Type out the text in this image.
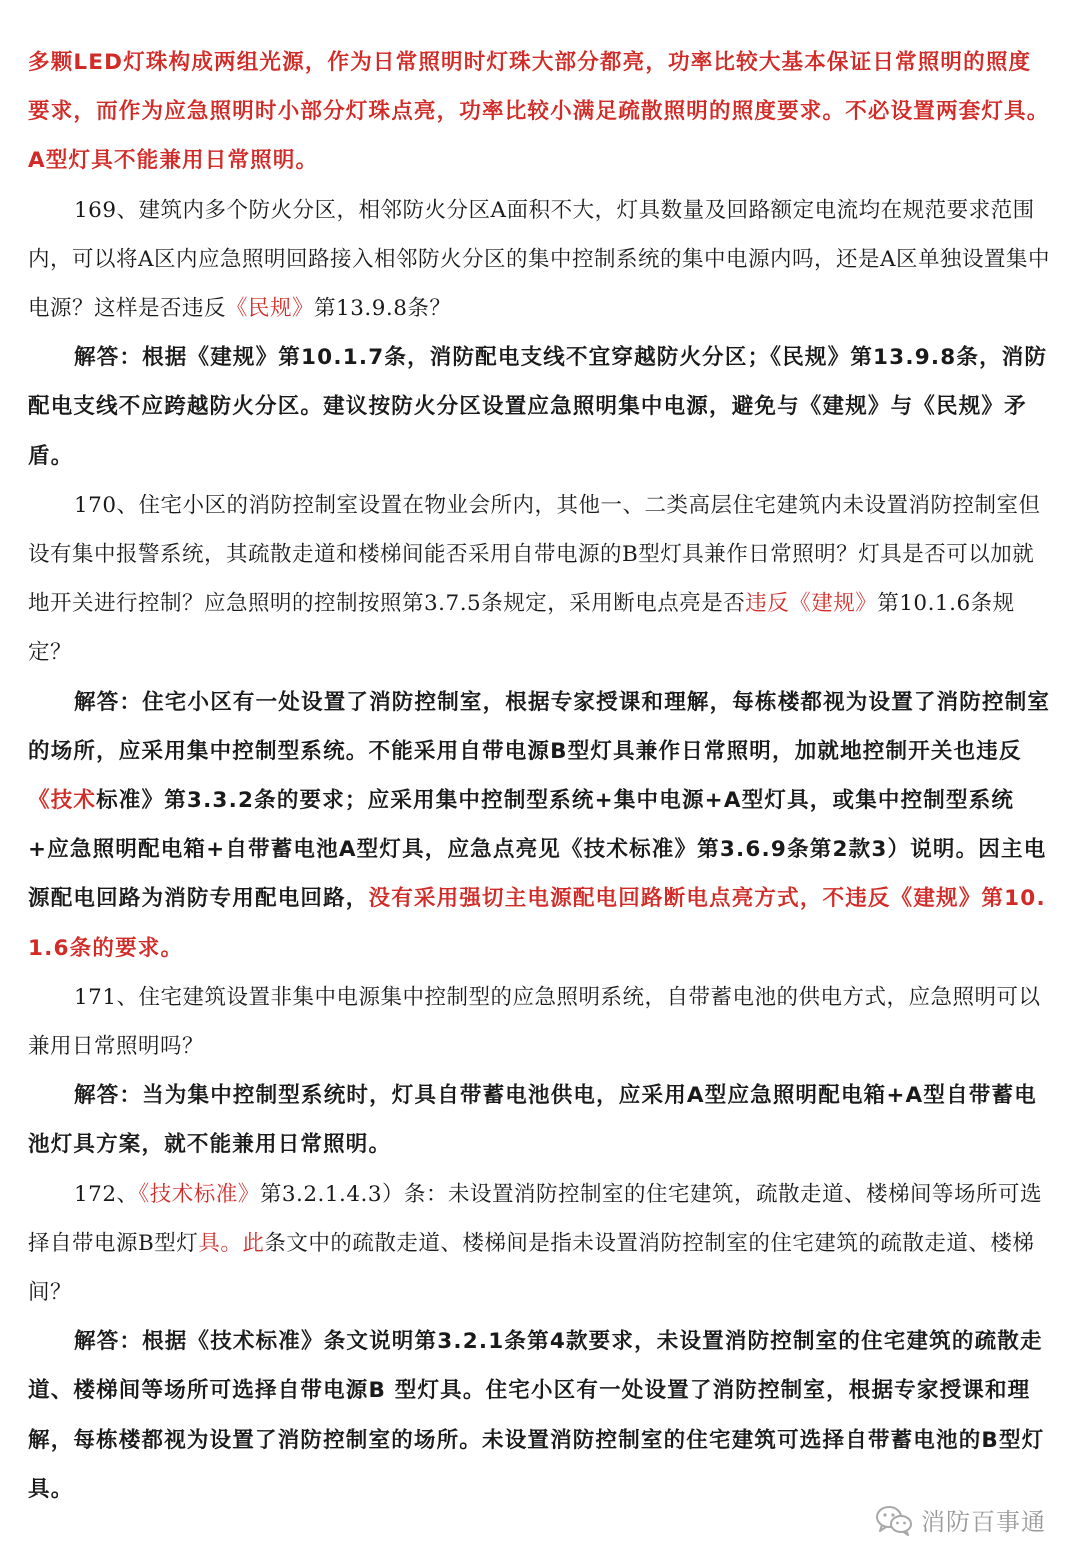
多颗LED灯珠构成两组光源，作为日常照明时灯珠大部分都亮，功率比较大基本保证日常照明的照度要求，而作为应急照明时小部分灯珠点亮，功率比较小满足疏散照明的照度要求。不必设置两套灯具。A型灯具不能兼用日常照明。

169、建筑内多个防火分区，相邻防火分区A面积不大，灯具数量及回路额定电流均在规范要求范围内，可以将A区内应急照明回路接入相邻防火分区的集中控制系统的集中电源内吗，还是A区单独设置集中电源？这样是否违反《民规》第13.9.8条？

解答：根据《建规》第10.1.7条，消防配电支线不宜穿越防火分区；《民规》第13.9.8条，消防配电支线不应跨越防火分区。建议按防火分区设置应急照明集中电源，避免与《建规》与《民规》矛盾。

170、住宅小区的消防控制室设置在物业会所内，其他一、二类高层住宅建筑内未设置消防控制室但设有集中报警系统，其疏散走道和楼梯间能否采用自带电源的B型灯具兼作日常照明？灯具是否可以加就地开关进行控制？应急照明的控制按照第3.7.5条规定，采用断电点亮是否违反《建规》第10.1.6条规定？

解答：住宅小区有一处设置了消防控制室，根据专家授课和理解，每栋楼都视为设置了消防控制室的场所，应采用集中控制型系统。不能采用自带电源B型灯具兼作日常照明，加就地控制开关也违反《技术标准》第3.3.2条的要求；应采用集中控制型系统+集中电源+A型灯具，或集中控制型系统+应急照明配电箱+自带蓄电池A型灯具，应急点亮见《技术标准》第3.6.9条第2款3）说明。因主电源配电回路为消防专用配电回路，没有采用强切主电源配电回路断电点亮方式，不违反《建规》第10.1.6条的要求。

171、住宅建筑设置非集中电源集中控制型的应急照明系统，自带蓄电池的供电方式，应急照明可以兼用日常照明吗？

解答：当为集中控制型系统时，灯具自带蓄电池供电，应采用A型应急照明配电箱+A型自带蓄电池灯具方案，就不能兼用日常照明。

172、《技术标准》第3.2.1.4.3）条：未设置消防控制室的住宅建筑，疏散走道、楼梯间等场所可选择自带电源B型灯具。此条文中的疏散走道、楼梯间是指未设置消防控制室的住宅建筑的疏散走道、楼梯间？

解答：根据《技术标准》条文说明第3.2.1条第4款要求，未设置消防控制室的住宅建筑的疏散走道、楼梯间等场所可选择自带电源B 型灯具。住宅小区有一处设置了消防控制室，根据专家授课和理解，每栋楼都视为设置了消防控制室的场所。未设置消防控制室的住宅建筑可选择自带蓄电池的B型灯具。

消防百事通
